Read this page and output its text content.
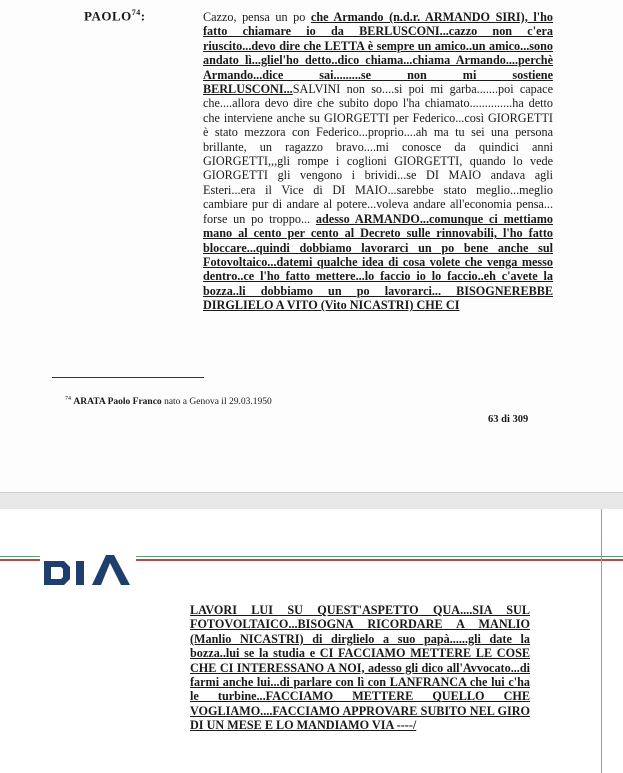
PAOLO$^{74}$:	Cazzo, pensa un po che Armando (n.d.r. ARMANDO SIRI), l'ho fatto chiamare io da BERLUSCONI...cazzo non c'era riuscito...devo dire che LETTA è sempre un amico..un amico...sono andato lì...gliel'ho detto..dico chiama...chiama Armando....perchè Armando...dice sai.........se non mi sostiene BERLUSCONI...SALVINI non so....si poi mi garba.......poi capace che....allora devo dire che subito dopo l'ha chiamato..............ha detto che interviene anche su GIORGETTI per Federico...così GIORGETTI è stato mezzora con Federico...proprio....ah ma tu sei una persona brillante, un ragazzo bravo....mi conosce da quindici anni GIORGETTI,,,gli rompe i coglioni GIORGETTI, quando lo vede GIORGETTI gli vengono i brividi...se DI MAIO andava agli Esteri...era il Vice di DI MAIO...sarebbe stato meglio...meglio cambiare pur di andare al potere...voleva andare all'economia pensa... forse un po troppo... adesso ARMANDO...comunque ci mettiamo mano al cento per cento al Decreto sulle rinnovabili, l'ho fatto bloccare...quindi dobbiamo lavorarci un po bene anche sul Fotovoltaico...datemi qualche idea di cosa volete che venga messo dentro..ce l'ho fatto mettere...lo faccio io lo faccio..eh c'avete la bozza..li dobbiamo un po lavorarci... BISOGNEREBBE DIRGLIELO A VITO (Vito NICASTRI) CHE CI
$^{74}$ ARATA Paolo Franco nato a Genova il 29.03.1950
63 di 309
LAVORI LUI SU QUEST'ASPETTO QUA....SIA SUL FOTOVOLTAICO...BISOGNA RICORDARE A MANLIO (Manlio NICASTRI) di dirglielo a suo papà......gli date la bozza..lui se la studia e CI FACCIAMO METTERE LE COSE CHE CI INTERESSANO A NOI, adesso gli dico all'Avvocato...di farmi anche lui...di parlare con lì con LANFRANCA che lui c'ha le turbine...FACCIAMO METTERE QUELLO CHE VOGLIAMO....FACCIAMO APPROVARE SUBITO NEL GIRO DI UN MESE E LO MANDIAMO VIA ----/
